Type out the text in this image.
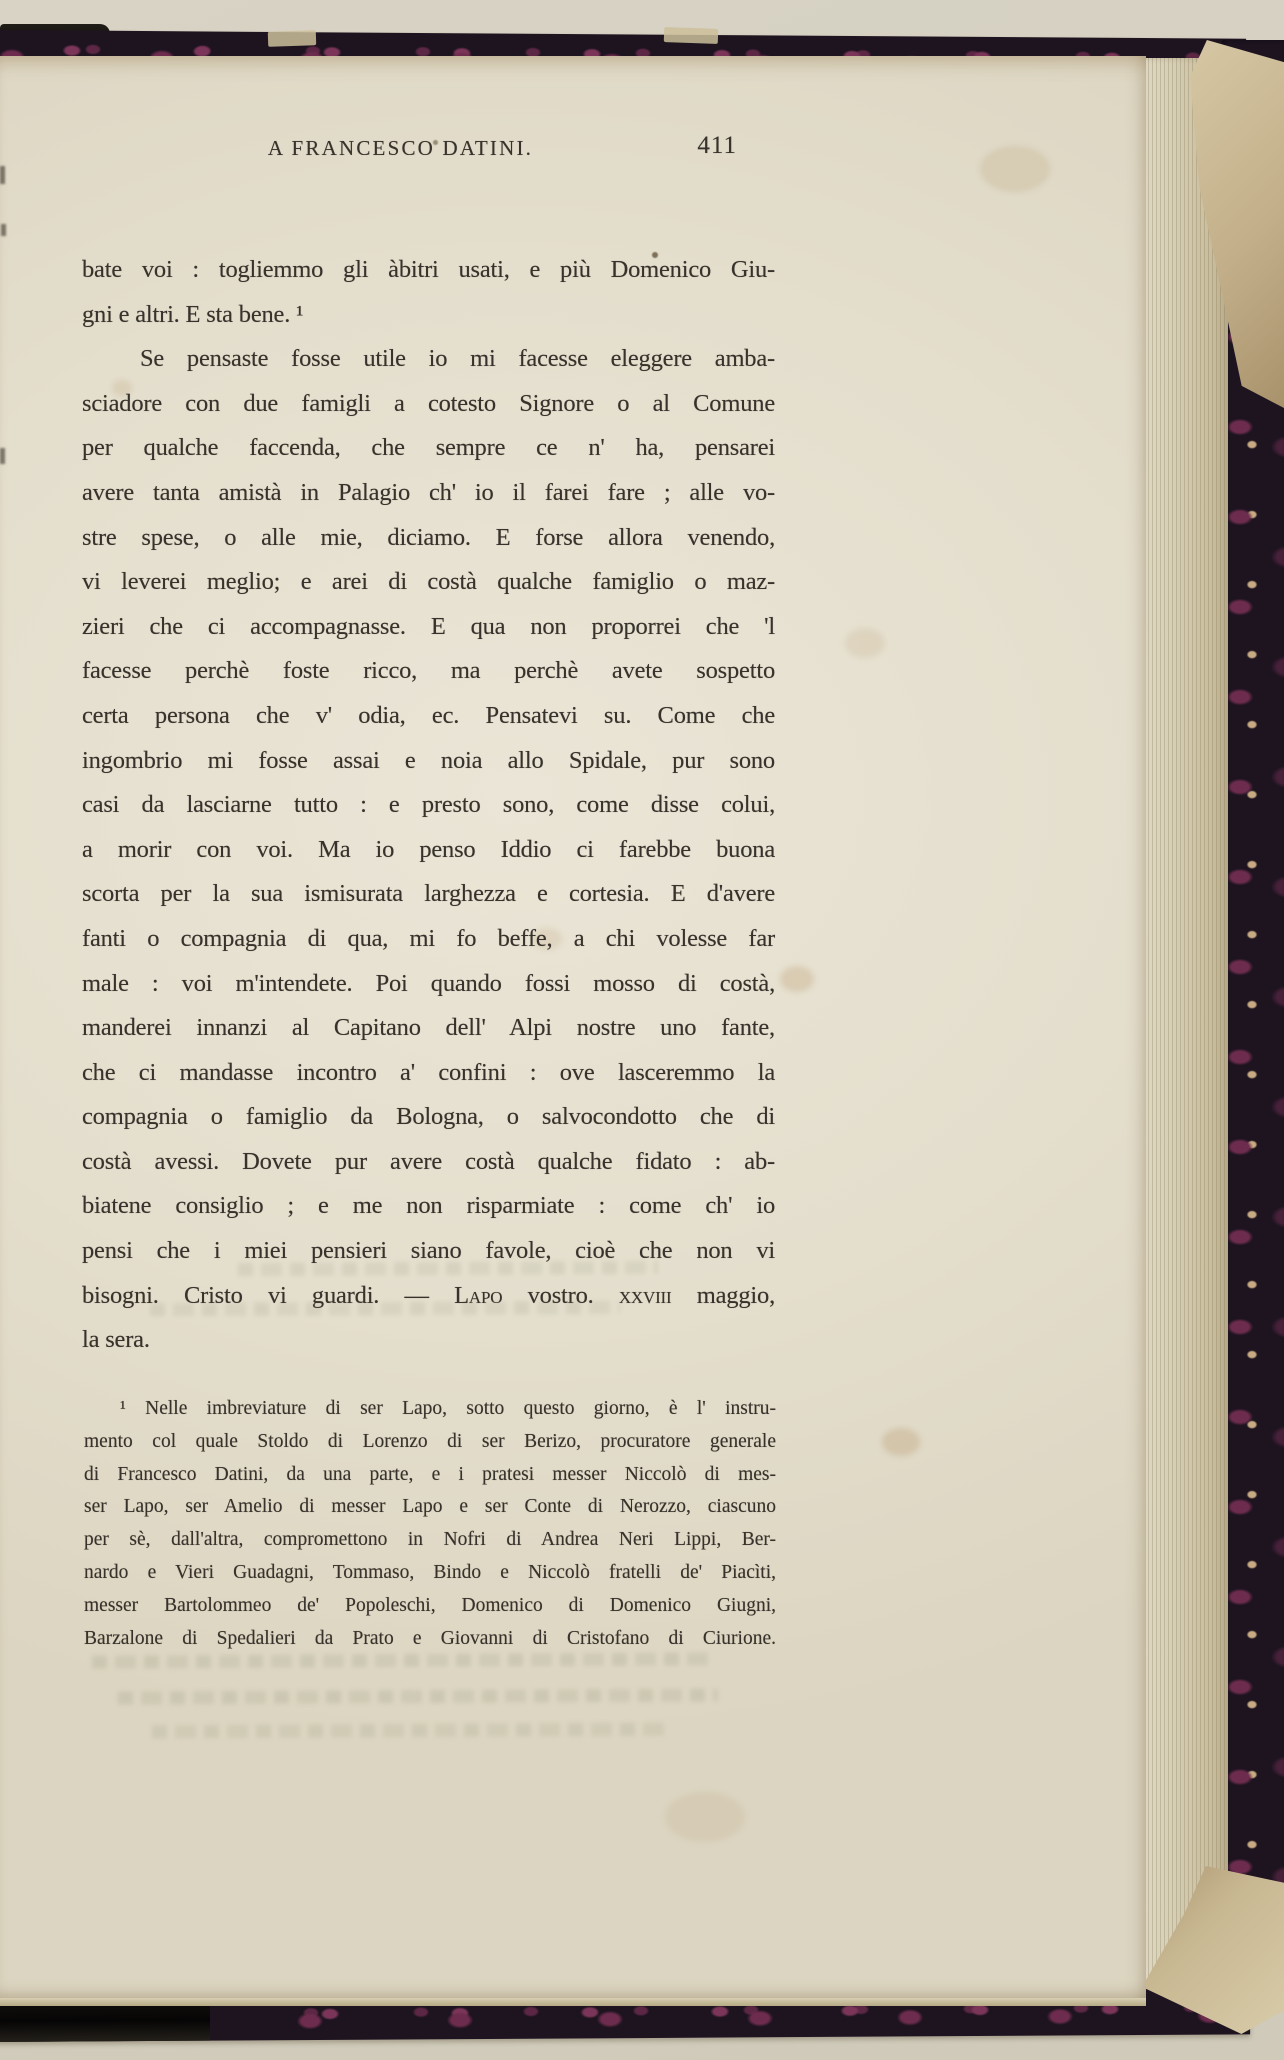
A FRANCESCO DATINI.	411
bate voi : togliemmo gli àbitri usati, e più Domenico Giu-
gni e altri. E sta bene. ¹
Se pensaste fosse utile io mi facesse eleggere amba-
sciadore con due famigli a cotesto Signore o al Comune
per qualche faccenda, che sempre ce n' ha, pensarei
avere tanta amistà in Palagio ch' io il farei fare ; alle vo-
stre spese, o alle mie, diciamo. E forse allora venendo,
vi leverei meglio; e arei di costà qualche famiglio o maz-
zieri che ci accompagnasse. E qua non proporrei che 'l
facesse perchè foste ricco, ma perchè avete sospetto
certa persona che v' odia, ec. Pensatevi su. Come che
ingombrio mi fosse assai e noia allo Spidale, pur sono
casi da lasciarne tutto : e presto sono, come disse colui,
a morir con voi. Ma io penso Iddio ci farebbe buona
scorta per la sua ismisurata larghezza e cortesia. E d'avere
fanti o compagnia di qua, mi fo beffe, a chi volesse far
male : voi m'intendete. Poi quando fossi mosso di costà,
manderei innanzi al Capitano dell' Alpi nostre uno fante,
che ci mandasse incontro a' confini : ove lasceremmo la
compagnia o famiglio da Bologna, o salvocondotto che di
costà avessi. Dovete pur avere costà qualche fidato : ab-
biatene consiglio ; e me non risparmiate : come ch' io
pensi che i miei pensieri siano favole, cioè che non vi
bisogni. Cristo vi guardi. — Lapo vostro. xxviii maggio,
la sera.
¹ Nelle imbreviature di ser Lapo, sotto questo giorno, è l' instru-
mento col quale Stoldo di Lorenzo di ser Berizo, procuratore generale
di Francesco Datini, da una parte, e i pratesi messer Niccolò di mes-
ser Lapo, ser Amelio di messer Lapo e ser Conte di Nerozzo, ciascuno
per sè, dall'altra, compromettono in Nofri di Andrea Neri Lippi, Ber-
nardo e Vieri Guadagni, Tommaso, Bindo e Niccolò fratelli de' Piacìti,
messer Bartolommeo de' Popoleschi, Domenico di Domenico Giugni,
Barzalone di Spedalieri da Prato e Giovanni di Cristofano di Ciurione.
